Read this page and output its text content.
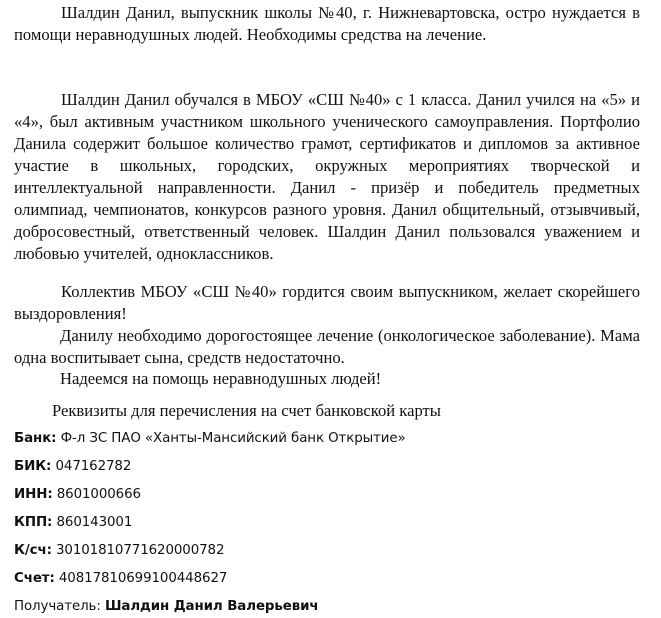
Шалдин Данил, выпускник школы №40, г. Нижневартовска, остро нуждается в помощи неравнодушных людей. Необходимы средства на лечение.

Шалдин Данил обучался в МБОУ «СШ №40» с 1 класса. Данил учился на «5» и «4», был активным участником школьного ученического самоуправления. Портфолио Данила содержит большое количество грамот, сертификатов и дипломов за активное участие в школьных, городских, окружных мероприятиях творческой и интеллектуальной направленности. Данил - призёр и победитель предметных олимпиад, чемпионатов, конкурсов разного уровня. Данил общительный, отзывчивый, добросовестный, ответственный человек. Шалдин Данил пользовался уважением и любовью учителей, одноклассников.

Коллектив МБОУ «СШ №40» гордится своим выпускником, желает скорейшего выздоровления!

Данилу необходимо дорогостоящее лечение (онкологическое заболевание). Мама одна воспитывает сына, средств недостаточно.

Надеемся на помощь неравнодушных людей!

Реквизиты для перечисления на счет банковской карты

Банк: Ф-л ЗС ПАО «Ханты-Мансийский банк Открытие»

БИК: 047162782

ИНН: 8601000666

КПП: 860143001

К/сч: 30101810771620000782

Счет: 40817810699100448627

Получатель: Шалдин Данил Валерьевич
